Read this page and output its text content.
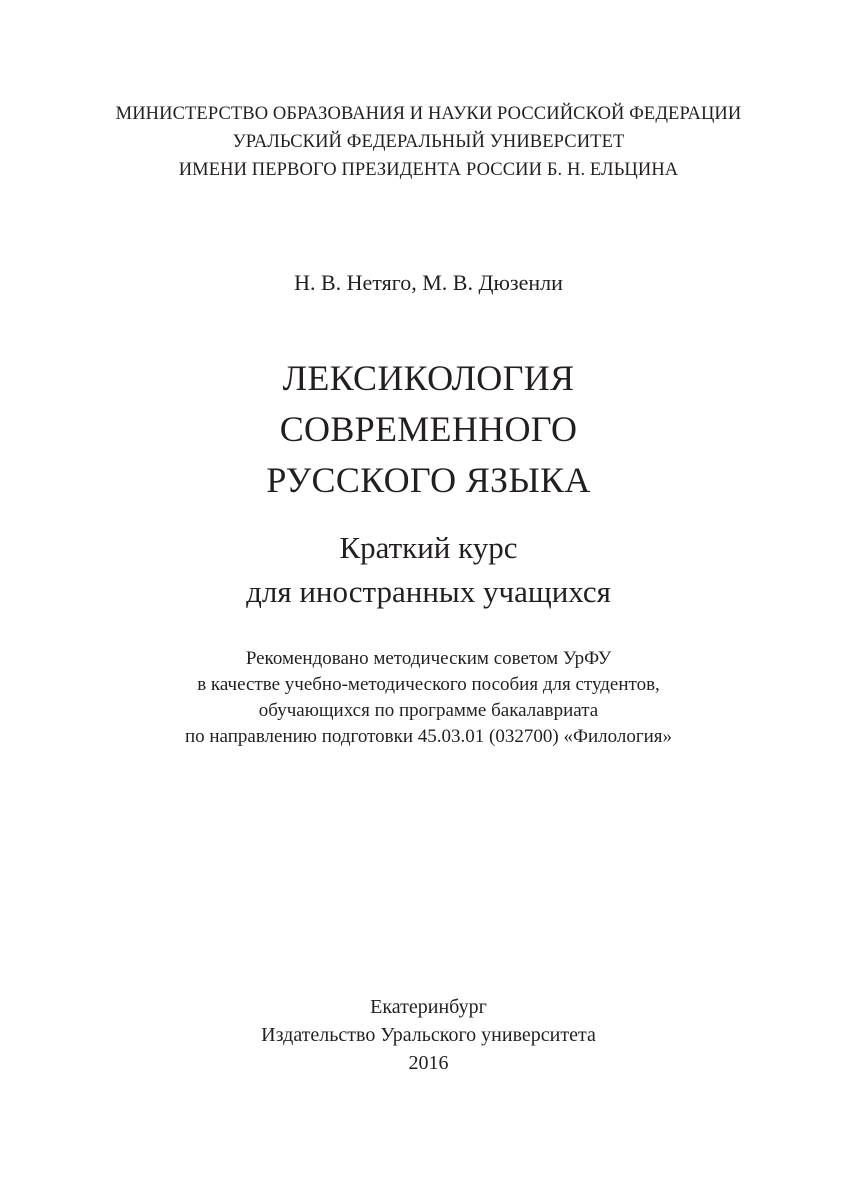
МИНИСТЕРСТВО ОБРАЗОВАНИЯ И НАУКИ РОССИЙСКОЙ ФЕДЕРАЦИИ
УРАЛЬСКИЙ ФЕДЕРАЛЬНЫЙ УНИВЕРСИТЕТ
ИМЕНИ ПЕРВОГО ПРЕЗИДЕНТА РОССИИ Б. Н. ЕЛЬЦИНА
Н. В. Нетяго, М. В. Дюзенли
ЛЕКСИКОЛОГИЯ
СОВРЕМЕННОГО
РУССКОГО ЯЗЫКА
Краткий курс
для иностранных учащихся
Рекомендовано методическим советом УрФУ
в качестве учебно-методического пособия для студентов,
обучающихся по программе бакалавриата
по направлению подготовки 45.03.01 (032700) «Филология»
Екатеринбург
Издательство Уральского университета
2016
